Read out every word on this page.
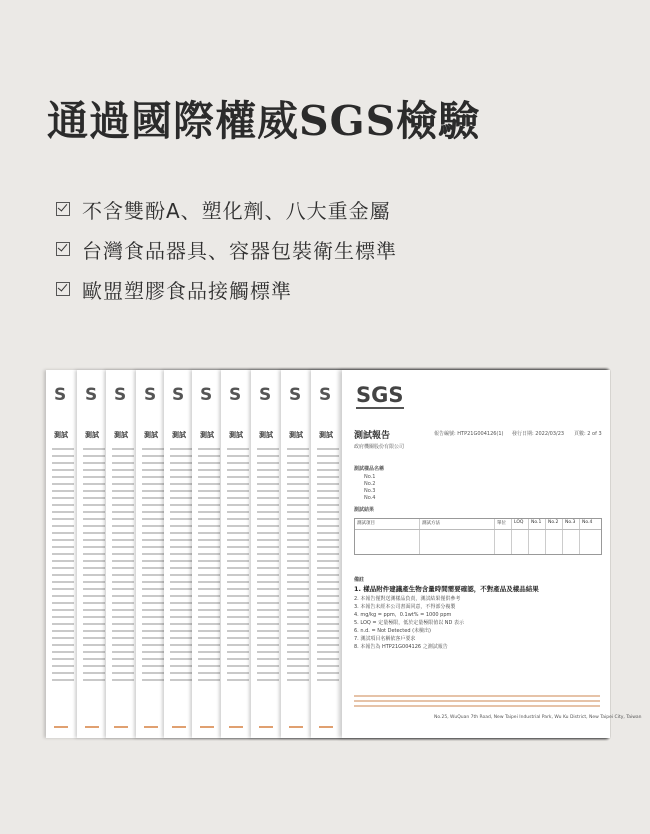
通過國際權威SGS檢驗
不含雙酚A、塑化劑、八大重金屬
台灣食品器具、容器包裝衛生標準
歐盟塑膠食品接觸標準
S
測試
S
測試
S
測試
S
測試
S
測試
S
測試
S
測試
S
測試
S
測試
S
測試
SGS
測試報告	報告編號: HTP21G004126(1) 發行日期: 2022/03/23 頁數: 2 of 3
政府機關股份有限公司
測試樣品名稱
No.1
No.2
No.3
No.4
測試結果
測試項目	測試方法	單位	LOQ	No.1	No.2	No.3	No.4
備註
1. 樣品附件建議產生物含量時間需要確認，不對產品及樣品結果
2. 本報告僅對送測樣品負責，測試結果僅供參考
3. 本報告未經本公司書面同意，不得部分複製
4. mg/kg = ppm，0.1wt% = 1000 ppm
5. LOQ = 定量極限，低於定量極限值以 ND 表示
6. n.d. = Not Detected (未檢出)
7. 測試項目名稱依客戶要求
8. 本報告為 HTP21G004126 之測試報告
No.25, WuQuan 7th Road, New Taipei Industrial Park, Wu Ku District, New Taipei City, Taiwan
